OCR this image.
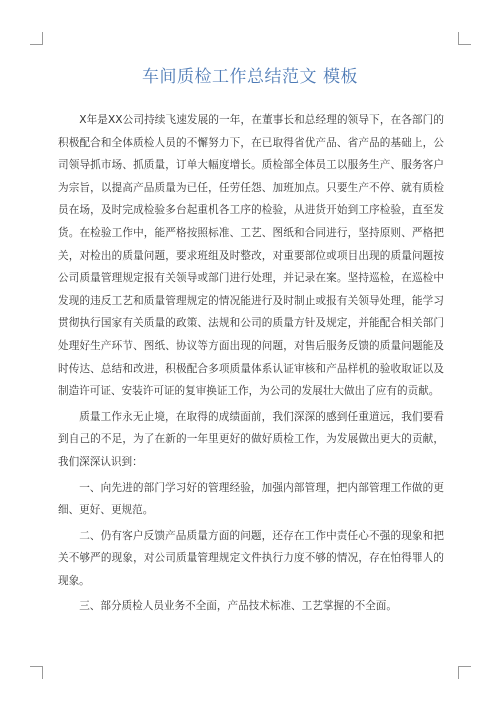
车间质检工作总结范文 模板

X年是XX公司持续飞速发展的一年，在董事长和总经理的领导下，在各部门的积极配合和全体质检人员的不懈努力下，在已取得省优产品、省产品的基础上，公司领导抓市场、抓质量，订单大幅度增长。质检部全体员工以服务生产、服务客户为宗旨，以提高产品质量为已任，任劳任怨、加班加点。只要生产不停、就有质检员在场，及时完成检验多台起重机各工序的检验，从进货开始到工序检验，直至发货。在检验工作中，能严格按照标准、工艺、图纸和合同进行，坚持原则、严格把关，对检出的质量问题，要求班组及时整改，对重要部位或项目出现的质量问题按公司质量管理规定报有关领导或部门进行处理，并记录在案。坚持巡检，在巡检中发现的违反工艺和质量管理规定的情况能进行及时制止或报有关领导处理，能学习贯彻执行国家有关质量的政策、法规和公司的质量方针及规定，并能配合相关部门处理好生产环节、图纸、协议等方面出现的问题，对售后服务反馈的质量问题能及时传达、总结和改进，积极配合多项质量体系认证审核和产品样机的验收取证以及制造许可证、安装许可证的复审换证工作，为公司的发展壮大做出了应有的贡献。

质量工作永无止境，在取得的成绩面前，我们深深的感到任重道远，我们要看到自己的不足，为了在新的一年里更好的做好质检工作，为发展做出更大的贡献，我们深深认识到：

一、向先进的部门学习好的管理经验，加强内部管理，把内部管理工作做的更细、更好、更规范。

二、仍有客户反馈产品质量方面的问题，还存在工作中责任心不强的现象和把关不够严的现象，对公司质量管理规定文件执行力度不够的情况，存在怕得罪人的现象。

三、部分质检人员业务不全面，产品技术标准、工艺掌握的不全面。
